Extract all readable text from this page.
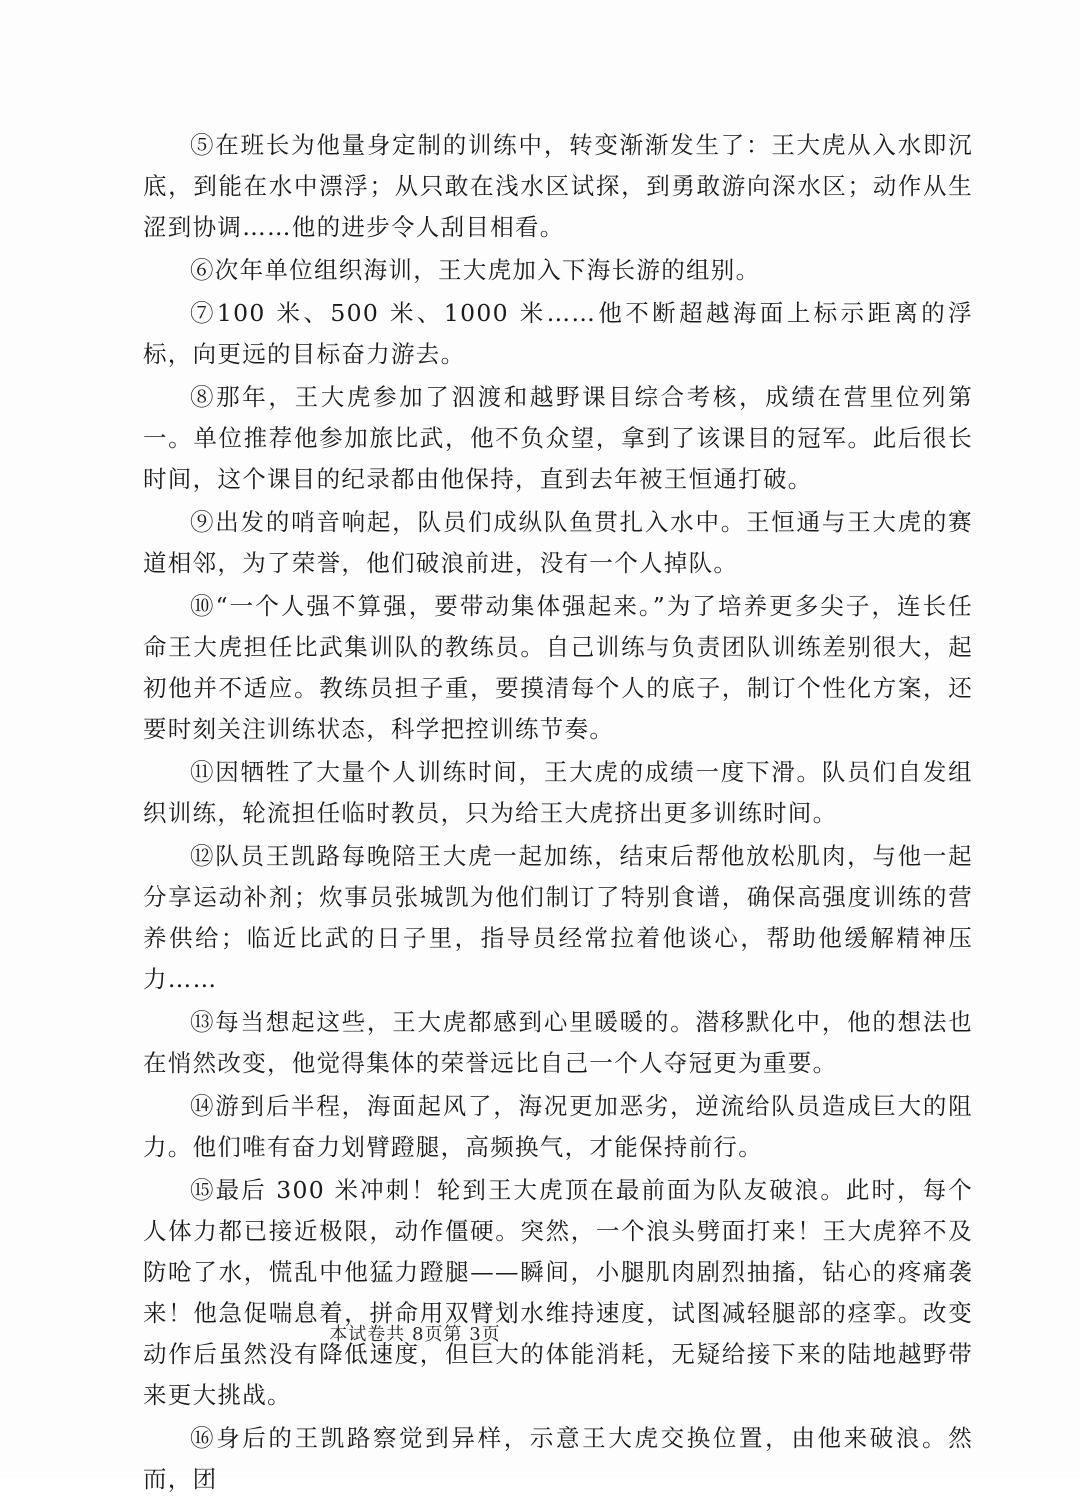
⑤在班长为他量身定制的训练中，转变渐渐发生了：王大虎从入水即沉底，到能在水中漂浮；从只敢在浅水区试探，到勇敢游向深水区；动作从生涩到协调……他的进步令人刮目相看。

⑥次年单位组织海训，王大虎加入下海长游的组别。

⑦100 米、500 米、1000 米……他不断超越海面上标示距离的浮标，向更远的目标奋力游去。

⑧那年，王大虎参加了泅渡和越野课目综合考核，成绩在营里位列第一。单位推荐他参加旅比武，他不负众望，拿到了该课目的冠军。此后很长时间，这个课目的纪录都由他保持，直到去年被王恒通打破。

⑨出发的哨音响起，队员们成纵队鱼贯扎入水中。王恒通与王大虎的赛道相邻，为了荣誉，他们破浪前进，没有一个人掉队。

⑩“一个人强不算强，要带动集体强起来。”为了培养更多尖子，连长任命王大虎担任比武集训队的教练员。自己训练与负责团队训练差别很大，起初他并不适应。教练员担子重，要摸清每个人的底子，制订个性化方案，还要时刻关注训练状态，科学把控训练节奏。

⑪因牺牲了大量个人训练时间，王大虎的成绩一度下滑。队员们自发组织训练，轮流担任临时教员，只为给王大虎挤出更多训练时间。

⑫队员王凯路每晚陪王大虎一起加练，结束后帮他放松肌肉，与他一起分享运动补剂；炊事员张城凯为他们制订了特别食谱，确保高强度训练的营养供给；临近比武的日子里，指导员经常拉着他谈心，帮助他缓解精神压力……

⑬每当想起这些，王大虎都感到心里暖暖的。潜移默化中，他的想法也在悄然改变，他觉得集体的荣誉远比自己一个人夺冠更为重要。

⑭游到后半程，海面起风了，海况更加恶劣，逆流给队员造成巨大的阻力。他们唯有奋力划臂蹬腿，高频换气，才能保持前行。

⑮最后 300 米冲刺！轮到王大虎顶在最前面为队友破浪。此时，每个人体力都已接近极限，动作僵硬。突然，一个浪头劈面打来！王大虎猝不及防呛了水，慌乱中他猛力蹬腿——瞬间，小腿肌肉剧烈抽搐，钻心的疼痛袭来！他急促喘息着，拼命用双臂划水维持速度，试图减轻腿部的痉挛。改变动作后虽然没有降低速度，但巨大的体能消耗，无疑给接下来的陆地越野带来更大挑战。

⑯身后的王凯路察觉到异样，示意王大虎交换位置，由他来破浪。然而，团

本试卷共 8页第 3页
